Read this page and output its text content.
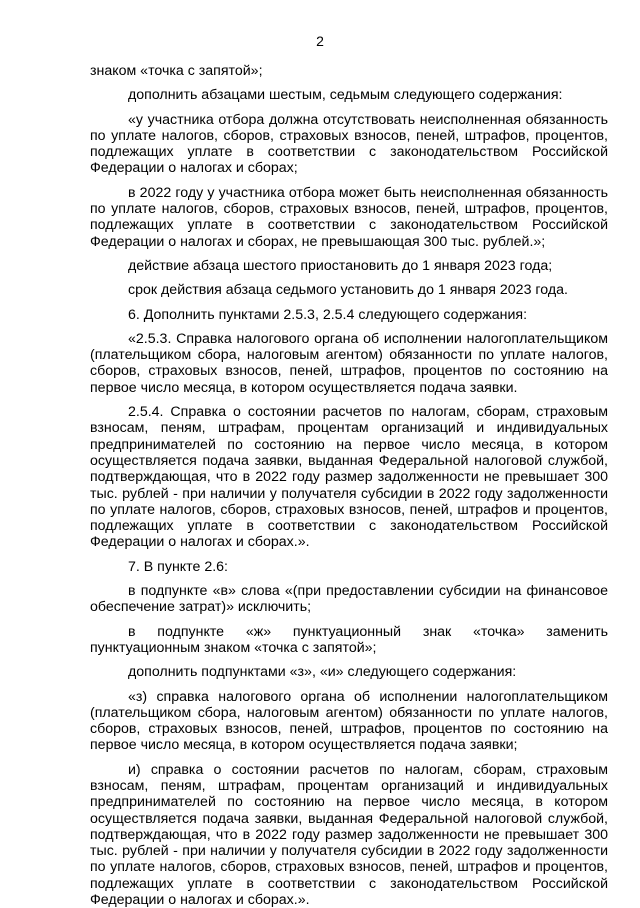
2

знаком «точка с запятой»;

дополнить абзацами шестым, седьмым следующего содержания:

«у участника отбора должна отсутствовать неисполненная обязанность по уплате налогов, сборов, страховых взносов, пеней, штрафов, процентов, подлежащих уплате в соответствии с законодательством Российской Федерации о налогах и сборах;

в 2022 году у участника отбора может быть неисполненная обязанность по уплате налогов, сборов, страховых взносов, пеней, штрафов, процентов, подлежащих уплате в соответствии с законодательством Российской Федерации о налогах и сборах, не превышающая 300 тыс. рублей.»;

действие абзаца шестого приостановить до 1 января 2023 года;

срок действия абзаца седьмого установить до 1 января 2023 года.

6. Дополнить пунктами 2.5.3, 2.5.4 следующего содержания:

«2.5.3. Справка налогового органа об исполнении налогоплательщиком (плательщиком сбора, налоговым агентом) обязанности по уплате налогов, сборов, страховых взносов, пеней, штрафов, процентов по состоянию на первое число месяца, в котором осуществляется подача заявки.

2.5.4. Справка о состоянии расчетов по налогам, сборам, страховым взносам, пеням, штрафам, процентам организаций и индивидуальных предпринимателей по состоянию на первое число месяца, в котором осуществляется подача заявки, выданная Федеральной налоговой службой, подтверждающая, что в 2022 году размер задолженности не превышает 300 тыс. рублей - при наличии у получателя субсидии в 2022 году задолженности по уплате налогов, сборов, страховых взносов, пеней, штрафов и процентов, подлежащих уплате в соответствии с законодательством Российской Федерации о налогах и сборах.».

7. В пункте 2.6:

в подпункте «в» слова «(при предоставлении субсидии на финансовое обеспечение затрат)» исключить;

в подпункте «ж» пунктуационный знак «точка» заменить пунктуационным знаком «точка с запятой»;

дополнить подпунктами «з», «и» следующего содержания:

«з) справка налогового органа об исполнении налогоплательщиком (плательщиком сбора, налоговым агентом) обязанности по уплате налогов, сборов, страховых взносов, пеней, штрафов, процентов по состоянию на первое число месяца, в котором осуществляется подача заявки;

и) справка о состоянии расчетов по налогам, сборам, страховым взносам, пеням, штрафам, процентам организаций и индивидуальных предпринимателей по состоянию на первое число месяца, в котором осуществляется подача заявки, выданная Федеральной налоговой службой, подтверждающая, что в 2022 году размер задолженности не превышает 300 тыс. рублей - при наличии у получателя субсидии в 2022 году задолженности по уплате налогов, сборов, страховых взносов, пеней, штрафов и процентов, подлежащих уплате в соответствии с законодательством Российской Федерации о налогах и сборах.».
